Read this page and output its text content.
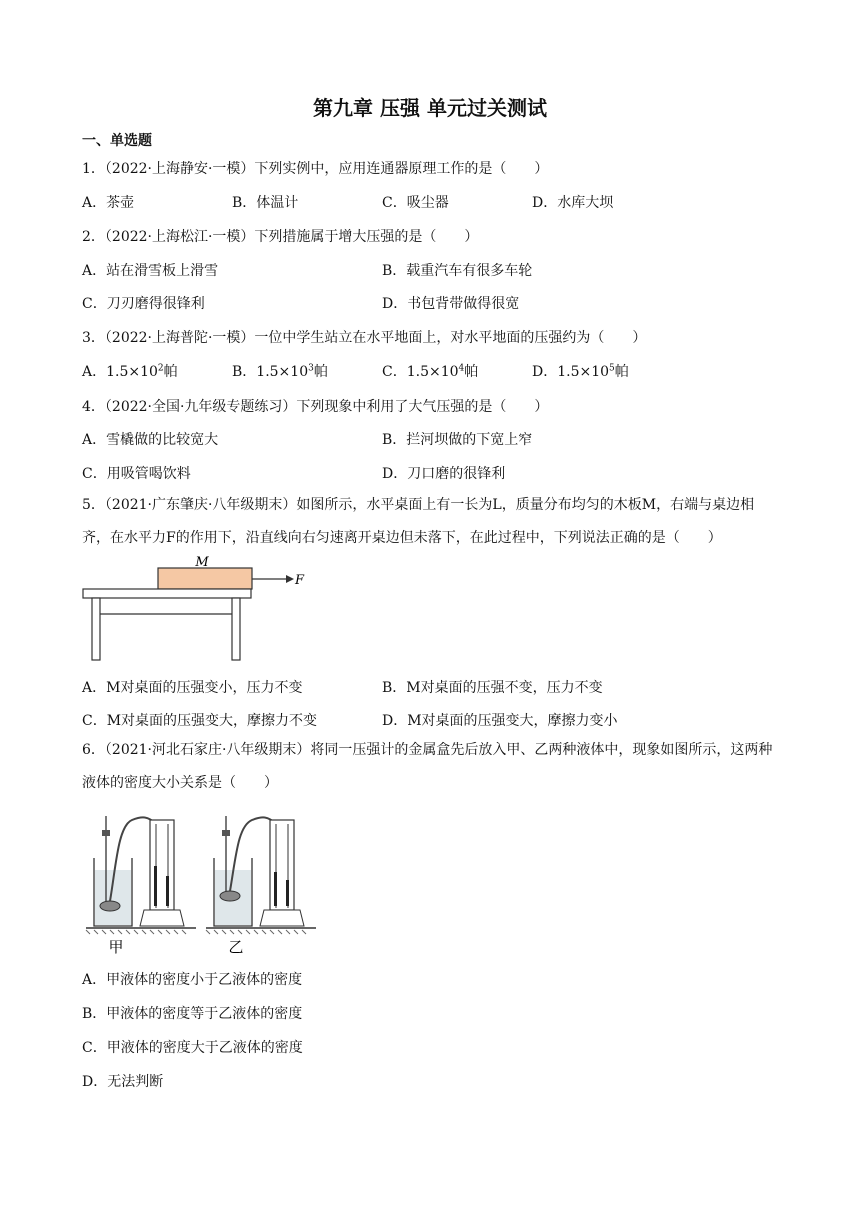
第九章 压强 单元过关测试
一、单选题
1．（2022·上海静安·一模）下列实例中，应用连通器原理工作的是（　　）
A．茶壶	B．体温计	C．吸尘器	D．水库大坝
2．（2022·上海松江·一模）下列措施属于增大压强的是（　　）
A．站在滑雪板上滑雪	B．载重汽车有很多车轮
C．刀刃磨得很锋利	D．书包背带做得很宽
3．（2022·上海普陀·一模）一位中学生站立在水平地面上，对水平地面的压强约为（　　）
A．$1.5\times 10^2$帕	B．$1.5\times 10^3$帕	C．$1.5\times 10^4$帕	D．$1.5\times 10^5$帕
4．（2022·全国·九年级专题练习）下列现象中利用了大气压强的是（　　）
A．雪橇做的比较宽大	B．拦河坝做的下宽上窄
C．用吸管喝饮料	D．刀口磨的很锋利
5．（2021·广东肇庆·八年级期末）如图所示，水平桌面上有一长为L，质量分布均匀的木板M，右端与桌边相齐，在水平力F的作用下，沿直线向右匀速离开桌边但未落下，在此过程中，下列说法正确的是（　　）
M
F
A．M对桌面的压强变小，压力不变	B．M对桌面的压强不变，压力不变
C．M对桌面的压强变大，摩擦力不变	D．M对桌面的压强变大，摩擦力变小
6．（2021·河北石家庄·八年级期末）将同一压强计的金属盒先后放入甲、乙两种液体中，现象如图所示，这两种液体的密度大小关系是（　　）
甲	乙
A．甲液体的密度小于乙液体的密度
B．甲液体的密度等于乙液体的密度
C．甲液体的密度大于乙液体的密度
D．无法判断
